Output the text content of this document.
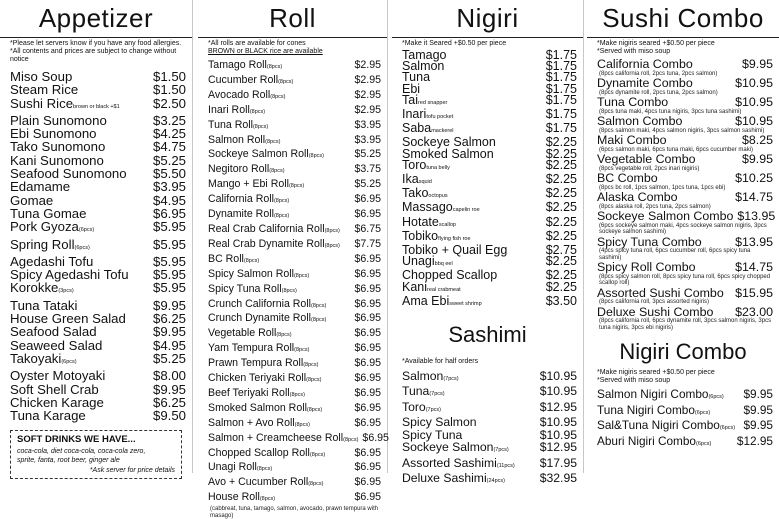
Appetizer
*Please let servers know if you have any food allergies.
*All contents and prices are subject to change without notice
Miso Soup	$1.50
Steam Rice	$1.50
Sushi Ricebrown or black +$1	$2.50
Plain Sunomono	$3.25
Ebi Sunomono	$4.25
Tako Sunomono	$4.75
Kani Sunomono	$5.25
Seafood Sunomono	$5.50
Edamame	$3.95
Gomae	$4.95
Tuna Gomae	$6.95
Pork Gyoza(6pcs)	$5.95
Spring Roll(6pcs)	$5.95
Agedashi Tofu	$5.95
Spicy Agedashi Tofu	$5.95
Korokke(3pcs)	$5.95
Tuna Tataki	$9.95
House Green Salad	$6.25
Seafood Salad	$9.95
Seaweed Salad	$4.95
Takoyaki(6pcs)	$5.25
Oyster Motoyaki	$8.00
Soft Shell Crab	$9.95
Chicken Karage	$6.25
Tuna Karage	$9.50
SOFT DRINKS WE HAVE...
coca-cola, diet coca-cola, coca-cola zero,
sprite, fanta, root beer, ginger ale
*Ask server for price details
Roll
*All rolls are available for cones
BROWN or BLACK rice are available
Tamago Roll(8pcs)	$2.95
Cucumber Roll(8pcs)	$2.95
Avocado Roll(8pcs)	$2.95
Inari Roll(8pcs)	$2.95
Tuna Roll(8pcs)	$3.95
Salmon Roll(8pcs)	$3.95
Sockeye Salmon Roll(8pcs)	$5.25
Negitoro Roll(8pcs)	$3.75
Mango + Ebi Roll(8pcs)	$5.25
California Roll(8pcs)	$6.95
Dynamite Roll(8pcs)	$6.95
Real Crab California Roll(8pcs)	$6.75
Real Crab Dynamite Roll(8pcs)	$7.75
BC Roll(8pcs)	$6.95
Spicy Salmon Roll(8pcs)	$6.95
Spicy Tuna Roll(8pcs)	$6.95
Crunch California Roll(8pcs)	$6.95
Crunch Dynamite Roll(8pcs)	$6.95
Vegetable Roll(8pcs)	$6.95
Yam Tempura Roll(8pcs)	$6.95
Prawn Tempura Roll(8pcs)	$6.95
Chicken Teriyaki Roll(8pcs)	$6.95
Beef Teriyaki Roll(8pcs)	$6.95
Smoked Salmon Roll(8pcs)	$6.95
Salmon + Avo Roll(8pcs)	$6.95
Salmon + Creamcheese Roll(8pcs) $6.95
Chopped Scallop Roll(8pcs)	$6.95
Unagi Roll(8pcs)	$6.95
Avo + Cucumber Roll(8pcs)	$6.95
House Roll(8pcs)	$6.95
(cabbreat, tuna, tamago, salmon, avocado, prawn tempura with masago)
Nigiri
*Make it Seared +$0.50 per piece
Tamago	$1.75
Salmon	$1.75
Tuna	$1.75
Ebi	$1.75
Taired snapper	$1.75
Inaritofu pocket	$1.75
Sabamackerel	$1.75
Sockeye Salmon	$2.25
Smoked Salmon	$2.25
Torotuna belly	$2.25
Ikasquid	$2.25
Takooctopus	$2.25
Massagocapelin roe	$2.25
Hotatescallop	$2.25
Tobikoflying fish roe	$2.25
Tobiko + Quail Egg	$2.75
Unagibbq eel	$2.25
Chopped Scallop	$2.25
Kanireal crabmeat	$2.25
Ama Ebisweet shrimp	$3.50
Sashimi
*Available for half orders
Salmon(7pcs)	$10.95
Tuna(7pcs)	$10.95
Toro(7pcs)	$12.95
Spicy Salmon	$10.95
Spicy Tuna	$10.95
Sockeye Salmon(7pcs)	$12.95
Assorted Sashimi(11pcs)	$17.95
Deluxe Sashimi(24pcs)	$32.95
Sushi Combo
*Make nigiris seared +$0.50 per piece
*Served with miso soup
California Combo	$9.95
(8pcs california roll, 2pcs tuna, 2pcs salmon)
Dynamite Combo	$10.95
(8pcs dynamite roll, 2pcs tuna, 2pcs salmon)
Tuna Combo	$10.95
(8pcs tuna maki, 4pcs tuna nigiris, 3pcs tuna sashimi)
Salmon Combo	$10.95
(8pcs salmon maki, 4pcs salmon nigiris, 3pcs salmon sashimi)
Maki Combo	$8.25
(6pcs salmon maki, 6pcs tuna maki, 6pcs cucumber maki)
Vegetable Combo	$9.95
(8pcs vegetable roll, 2pcs inari nigiris)
BC Combo	$10.25
(8pcs bc roll, 1pcs salmon, 1pcs tuna, 1pcs ebi)
Alaska Combo	$14.75
(8pcs alaska roll, 2pcs tuna, 2pcs salmon)
Sockeye Salmon Combo $13.95
(6pcs sockeye salmon maki, 4pcs sockeye salmon nigiris, 3pcs sockeye salmon sashimi)
Spicy Tuna Combo	$13.95
(4pcs spicy tuna roll, 6pcs cucumber roll, 6pcs spicy tuna sashimi)
Spicy Roll Combo	$14.75
(8pcs spicy salmon roll, 8pcs spicy tuna roll, 6pcs spicy chopped scallop roll)
Assorted Sushi Combo $15.95
(8pcs california roll, 3pcs assorted nigiris)
Deluxe Sushi Combo	$23.00
(8pcs california roll, 6pcs dynamite roll, 3pcs salmon nigiris, 3pcs tuna nigiris, 3pcs ebi nigiris)
Nigiri Combo
*Make nigiris seared +$0.50 per piece
*Served with miso soup
Salmon Nigiri Combo(6pcs)	$9.95
Tuna Nigiri Combo(6pcs)	$9.95
Sal&Tuna Nigiri Combo(6pcs) $9.95
Aburi Nigiri Combo(6pcs)	$12.95
